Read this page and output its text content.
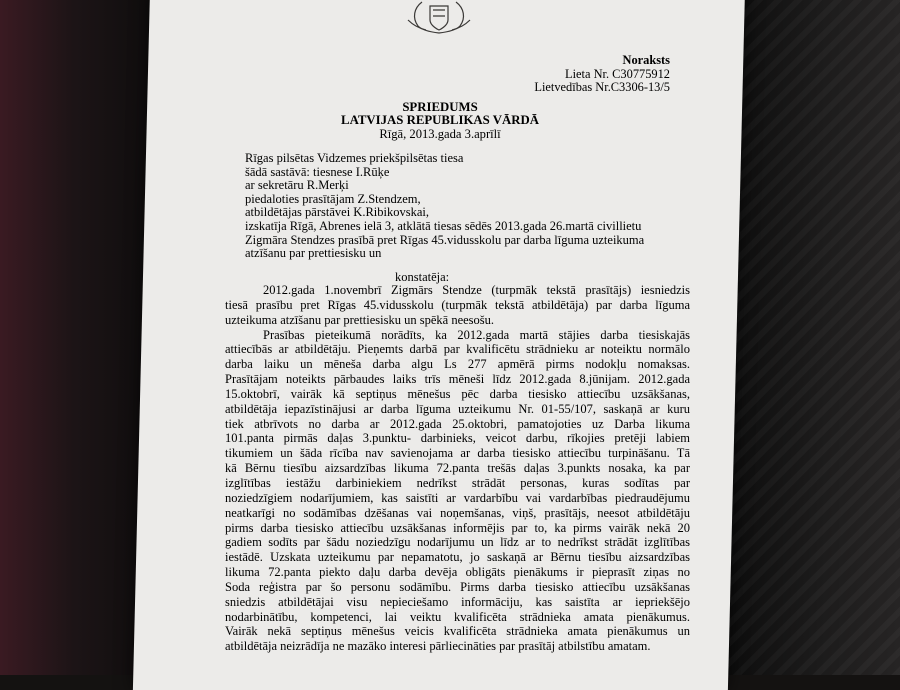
Noraksts
Lieta Nr. C30775912
Lietvedības Nr.C3306-13/5
SPRIEDUMS
LATVIJAS REPUBLIKAS VĀRDĀ
Rīgā, 2013.gada 3.aprīlī
Rīgas pilsētas Vidzemes priekšpilsētas tiesa
šādā sastāvā: tiesnese I.Rūķe
ar sekretāru R.Merķi
piedaloties prasītājam Z.Stendzem,
atbildētājas pārstāvei K.Ribikovskai,
izskatīja Rīgā, Abrenes ielā 3, atklātā tiesas sēdēs 2013.gada 26.martā civillietu
Zigmāra Stendzes prasībā pret Rīgas 45.vidusskolu par darba līguma uzteikuma
atzīšanu par prettiesisku un
konstatēja:
2012.gada 1.novembrī Zigmārs Stendze (turpmāk tekstā prasītājs) iesniedzis
tiesā prasību pret Rīgas 45.vidusskolu (turpmāk tekstā atbildētāja) par darba līguma
uzteikuma atzīšanu par prettiesisku un spēkā neesošu.
Prasības pieteikumā norādīts, ka 2012.gada martā stājies darba tiesiskajās
attiecībās ar atbildētāju. Pieņemts darbā par kvalificētu strādnieku ar noteiktu normālo
darba laiku un mēneša darba algu Ls 277 apmērā pirms nodokļu nomaksas.
Prasītājam noteikts pārbaudes laiks trīs mēneši līdz 2012.gada 8.jūnijam. 2012.gada
15.oktobrī, vairāk kā septiņus mēnešus pēc darba tiesisko attiecību uzsākšanas,
atbildētāja iepazīstinājusi ar darba līguma uzteikumu Nr. 01-55/107, saskaņā ar kuru
tiek atbrīvots no darba ar 2012.gada 25.oktobri, pamatojoties uz Darba likuma
101.panta pirmās daļas 3.punktu- darbinieks, veicot darbu, rīkojies pretēji labiem
tikumiem un šāda rīcība nav savienojama ar darba tiesisko attiecību turpināšanu. Tā
kā Bērnu tiesību aizsardzības likuma 72.panta trešās daļas 3.punkts nosaka, ka par
izglītības iestāžu darbiniekiem nedrīkst strādāt personas, kuras sodītas par
noziedzīgiem nodarījumiem, kas saistīti ar vardarbību vai vardarbības piedraudējumu
neatkarīgi no sodāmības dzēšanas vai noņemšanas, viņš, prasītājs, neesot atbildētāju
pirms darba tiesisko attiecību uzsākšanas informējis par to, ka pirms vairāk nekā 20
gadiem sodīts par šādu noziedzīgu nodarījumu un līdz ar to nedrīkst strādāt izglītības
iestādē. Uzskata uzteikumu par nepamatotu, jo saskaņā ar Bērnu tiesību aizsardzības
likuma 72.panta piekto daļu darba devēja obligāts pienākums ir pieprasīt ziņas no
Soda reģistra par šo personu sodāmību. Pirms darba tiesisko attiecību uzsākšanas
sniedzis atbildētājai visu nepieciešamo informāciju, kas saistīta ar iepriekšējo
nodarbinātību, kompetenci, lai veiktu kvalificēta strādnieka amata pienākumus.
Vairāk nekā septiņus mēnešus veicis kvalificēta strādnieka amata pienākumus un
atbildētāja neizrādīja ne mazāko interesi pārliecināties par prasītāj atbilstību amatam.
